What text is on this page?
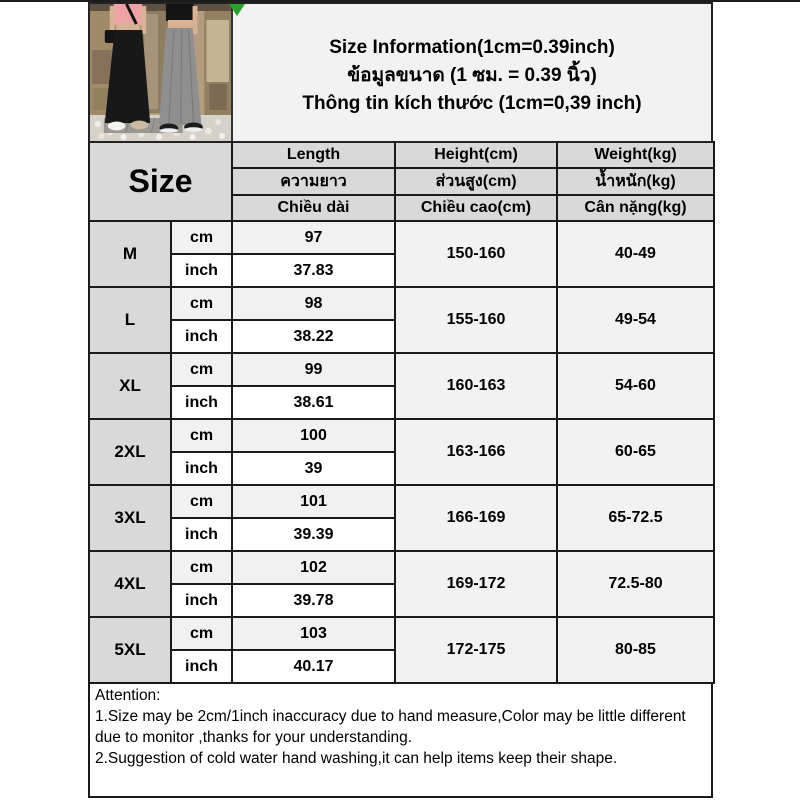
Size Information(1cm=0.39inch)
ข้อมูลขนาด (1 ซม. = 0.39 นิ้ว)
Thông tin kích thước (1cm=0,39 inch)
Size		Length	Height(cm)	Weight(kg)
		ความยาว	ส่วนสูง(cm)	น้ำหนัก(kg)
		Chiều dài	Chiều cao(cm)	Cân nặng(kg)
M	cm	97	150-160	40-49
	inch	37.83		
L	cm	98	155-160	49-54
	inch	38.22		
XL	cm	99	160-163	54-60
	inch	38.61		
2XL	cm	100	163-166	60-65
	inch	39		
3XL	cm	101	166-169	65-72.5
	inch	39.39		
4XL	cm	102	169-172	72.5-80
	inch	39.78		
5XL	cm	103	172-175	80-85
	inch	40.17		
Attention:
1.Size may be 2cm/1inch inaccuracy due to hand measure,Color may be little different due to monitor ,thanks for your understanding.
2.Suggestion of cold water hand washing,it can help items keep their shape.
